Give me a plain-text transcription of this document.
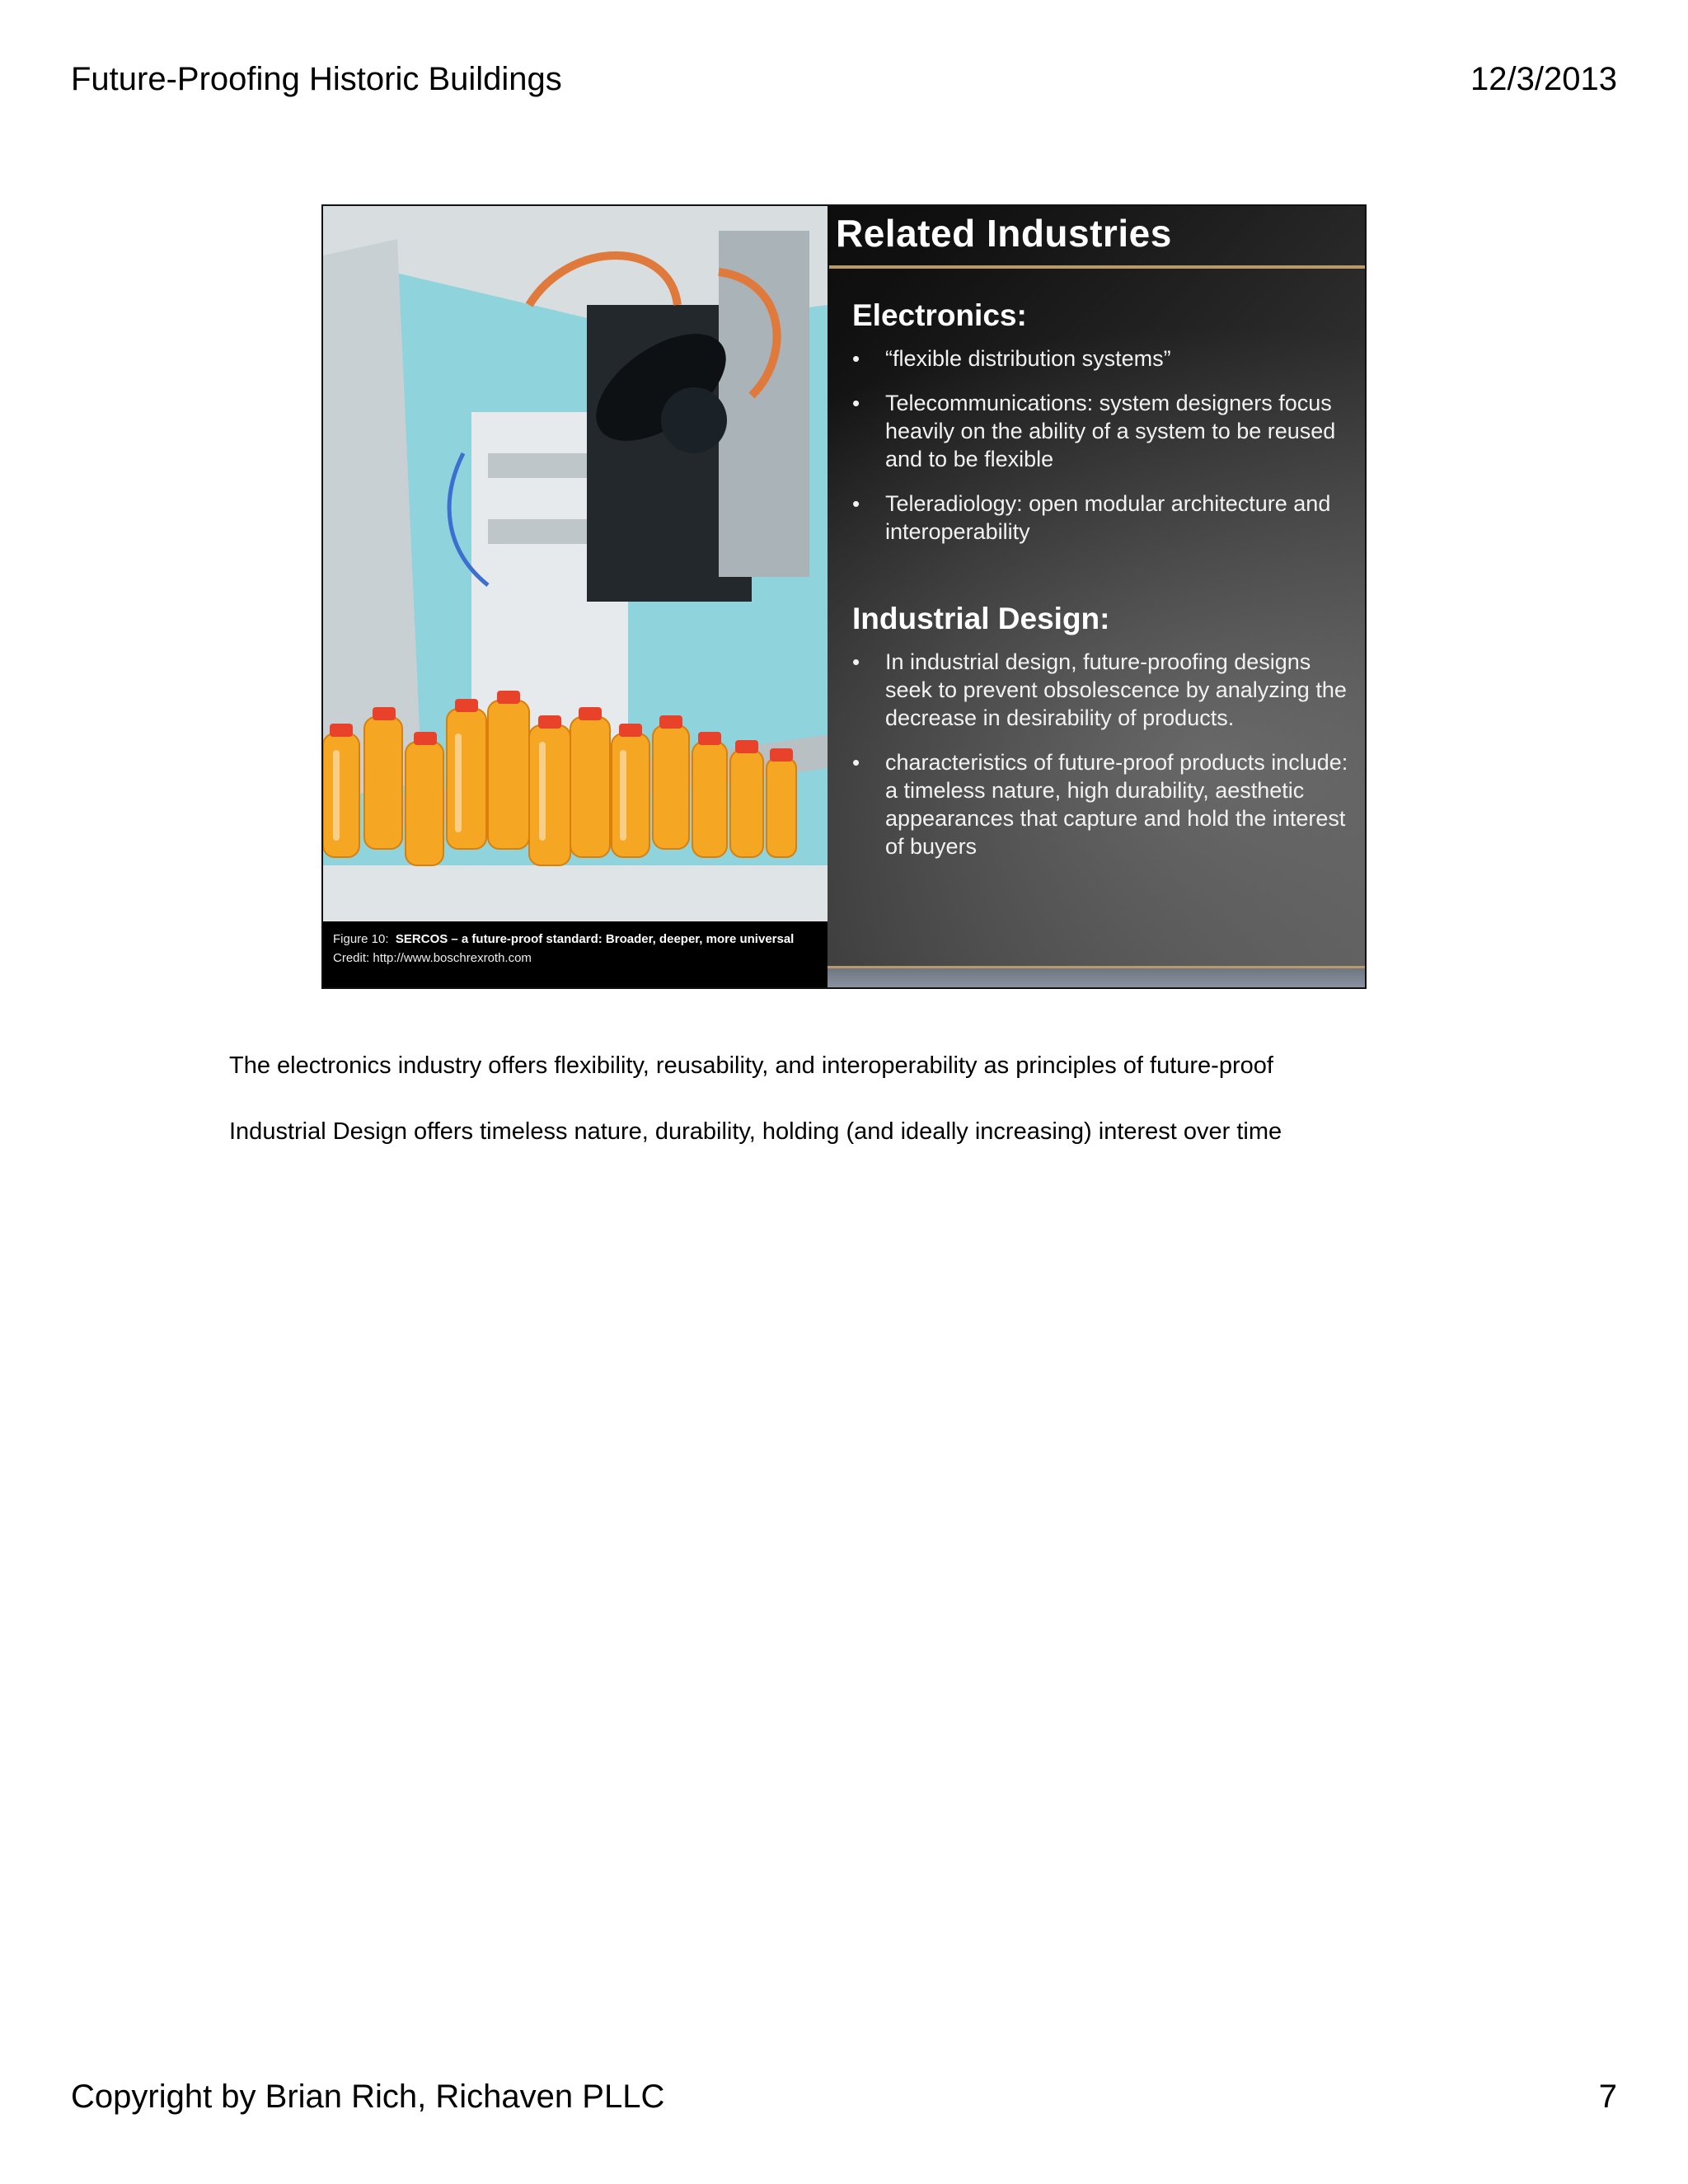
Future-Proofing Historic Buildings	12/3/2013
Figure 10: SERCOS – a future-proof standard: Broader, deeper, more universal
Credit: http://www.boschrexroth.com
Related Industries
Electronics:
• “flexible distribution systems”
• Telecommunications: system designers focus heavily on the ability of a system to be reused and to be flexible
• Teleradiology: open modular architecture and interoperability
Industrial Design:
• In industrial design, future-proofing designs seek to prevent obsolescence by analyzing the decrease in desirability of products.
• characteristics of future-proof products include: a timeless nature, high durability, aesthetic appearances that capture and hold the interest of buyers
The electronics industry offers flexibility, reusability, and interoperability as principles of future-proof
Industrial Design offers timeless nature, durability, holding (and ideally increasing) interest over time
Copyright by Brian Rich, Richaven PLLC	7
